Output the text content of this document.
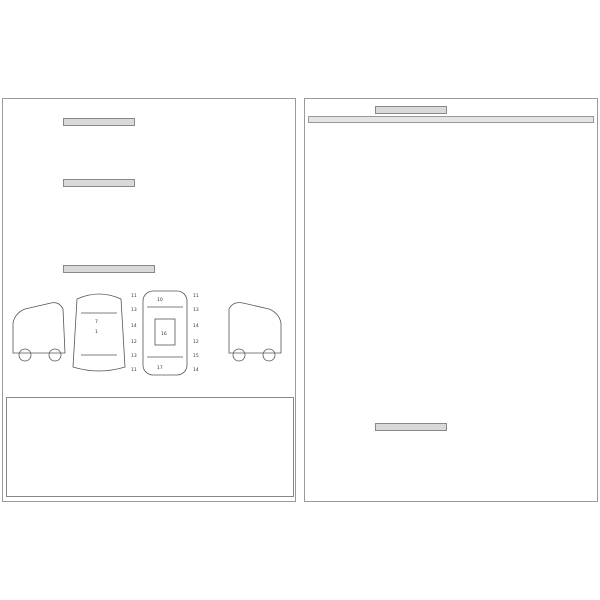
11
13
14
12
13
11
11
13
14
12
15
14
16
10
17
1
7
